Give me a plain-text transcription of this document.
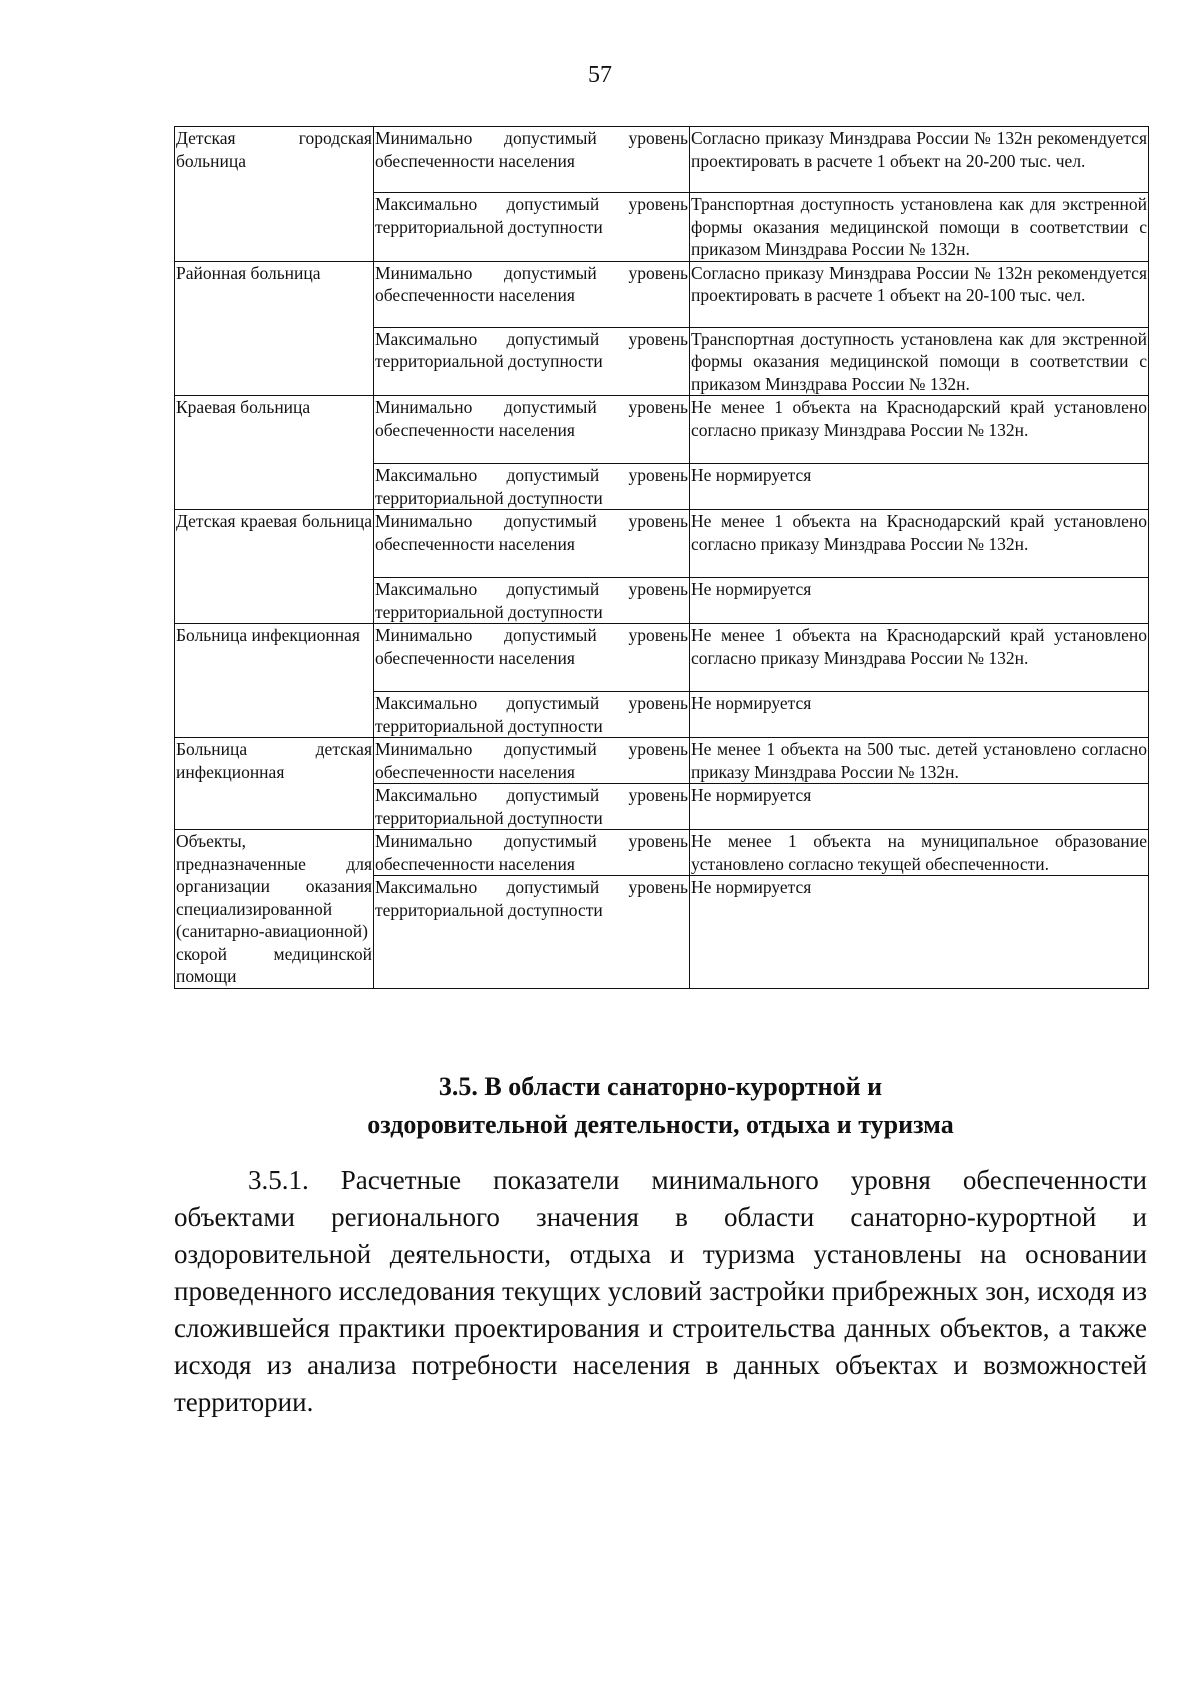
57
Детская городская больница	Минимально допустимый уровень обеспеченности населения	Согласно приказу Минздрава России № 132н рекомендуется проектировать в расчете 1 объект на 20-200 тыс. чел.
	Максимально допустимый уровень территориальной доступности	Транспортная доступность установлена как для экстренной формы оказания медицинской помощи в соответствии с приказом Минздрава России № 132н.
Районная больница	Минимально допустимый уровень обеспеченности населения	Согласно приказу Минздрава России № 132н рекомендуется проектировать в расчете 1 объект на 20-100 тыс. чел.
	Максимально допустимый уровень территориальной доступности	Транспортная доступность установлена как для экстренной формы оказания медицинской помощи в соответствии с приказом Минздрава России № 132н.
Краевая больница	Минимально допустимый уровень обеспеченности населения	Не менее 1 объекта на Краснодарский край установлено согласно приказу Минздрава России № 132н.
	Максимально допустимый уровень территориальной доступности	Не нормируется
Детская краевая больница	Минимально допустимый уровень обеспеченности населения	Не менее 1 объекта на Краснодарский край установлено согласно приказу Минздрава России № 132н.
	Максимально допустимый уровень территориальной доступности	Не нормируется
Больница инфекционная	Минимально допустимый уровень обеспеченности населения	Не менее 1 объекта на Краснодарский край установлено согласно приказу Минздрава России № 132н.
	Максимально допустимый уровень территориальной доступности	Не нормируется
Больница детская инфекционная	Минимально допустимый уровень обеспеченности населения	Не менее 1 объекта на 500 тыс. детей установлено согласно приказу Минздрава России № 132н.
	Максимально допустимый уровень территориальной доступности	Не нормируется
Объекты, предназначенные для организации оказания специализированной (санитарно-авиационной) скорой медицинской помощи	Минимально допустимый уровень обеспеченности населения	Не менее 1 объекта на муниципальное образование установлено согласно текущей обеспеченности.
	Максимально допустимый уровень территориальной доступности	Не нормируется
3.5. В области санаторно-курортной и
оздоровительной деятельности, отдыха и туризма
3.5.1. Расчетные показатели минимального уровня обеспеченности объектами регионального значения в области санаторно-курортной и оздоровительной деятельности, отдыха и туризма установлены на основании проведенного исследования текущих условий застройки прибрежных зон, исходя из сложившейся практики проектирования и строительства данных объектов, а также исходя из анализа потребности населения в данных объектах и возможностей территории.
